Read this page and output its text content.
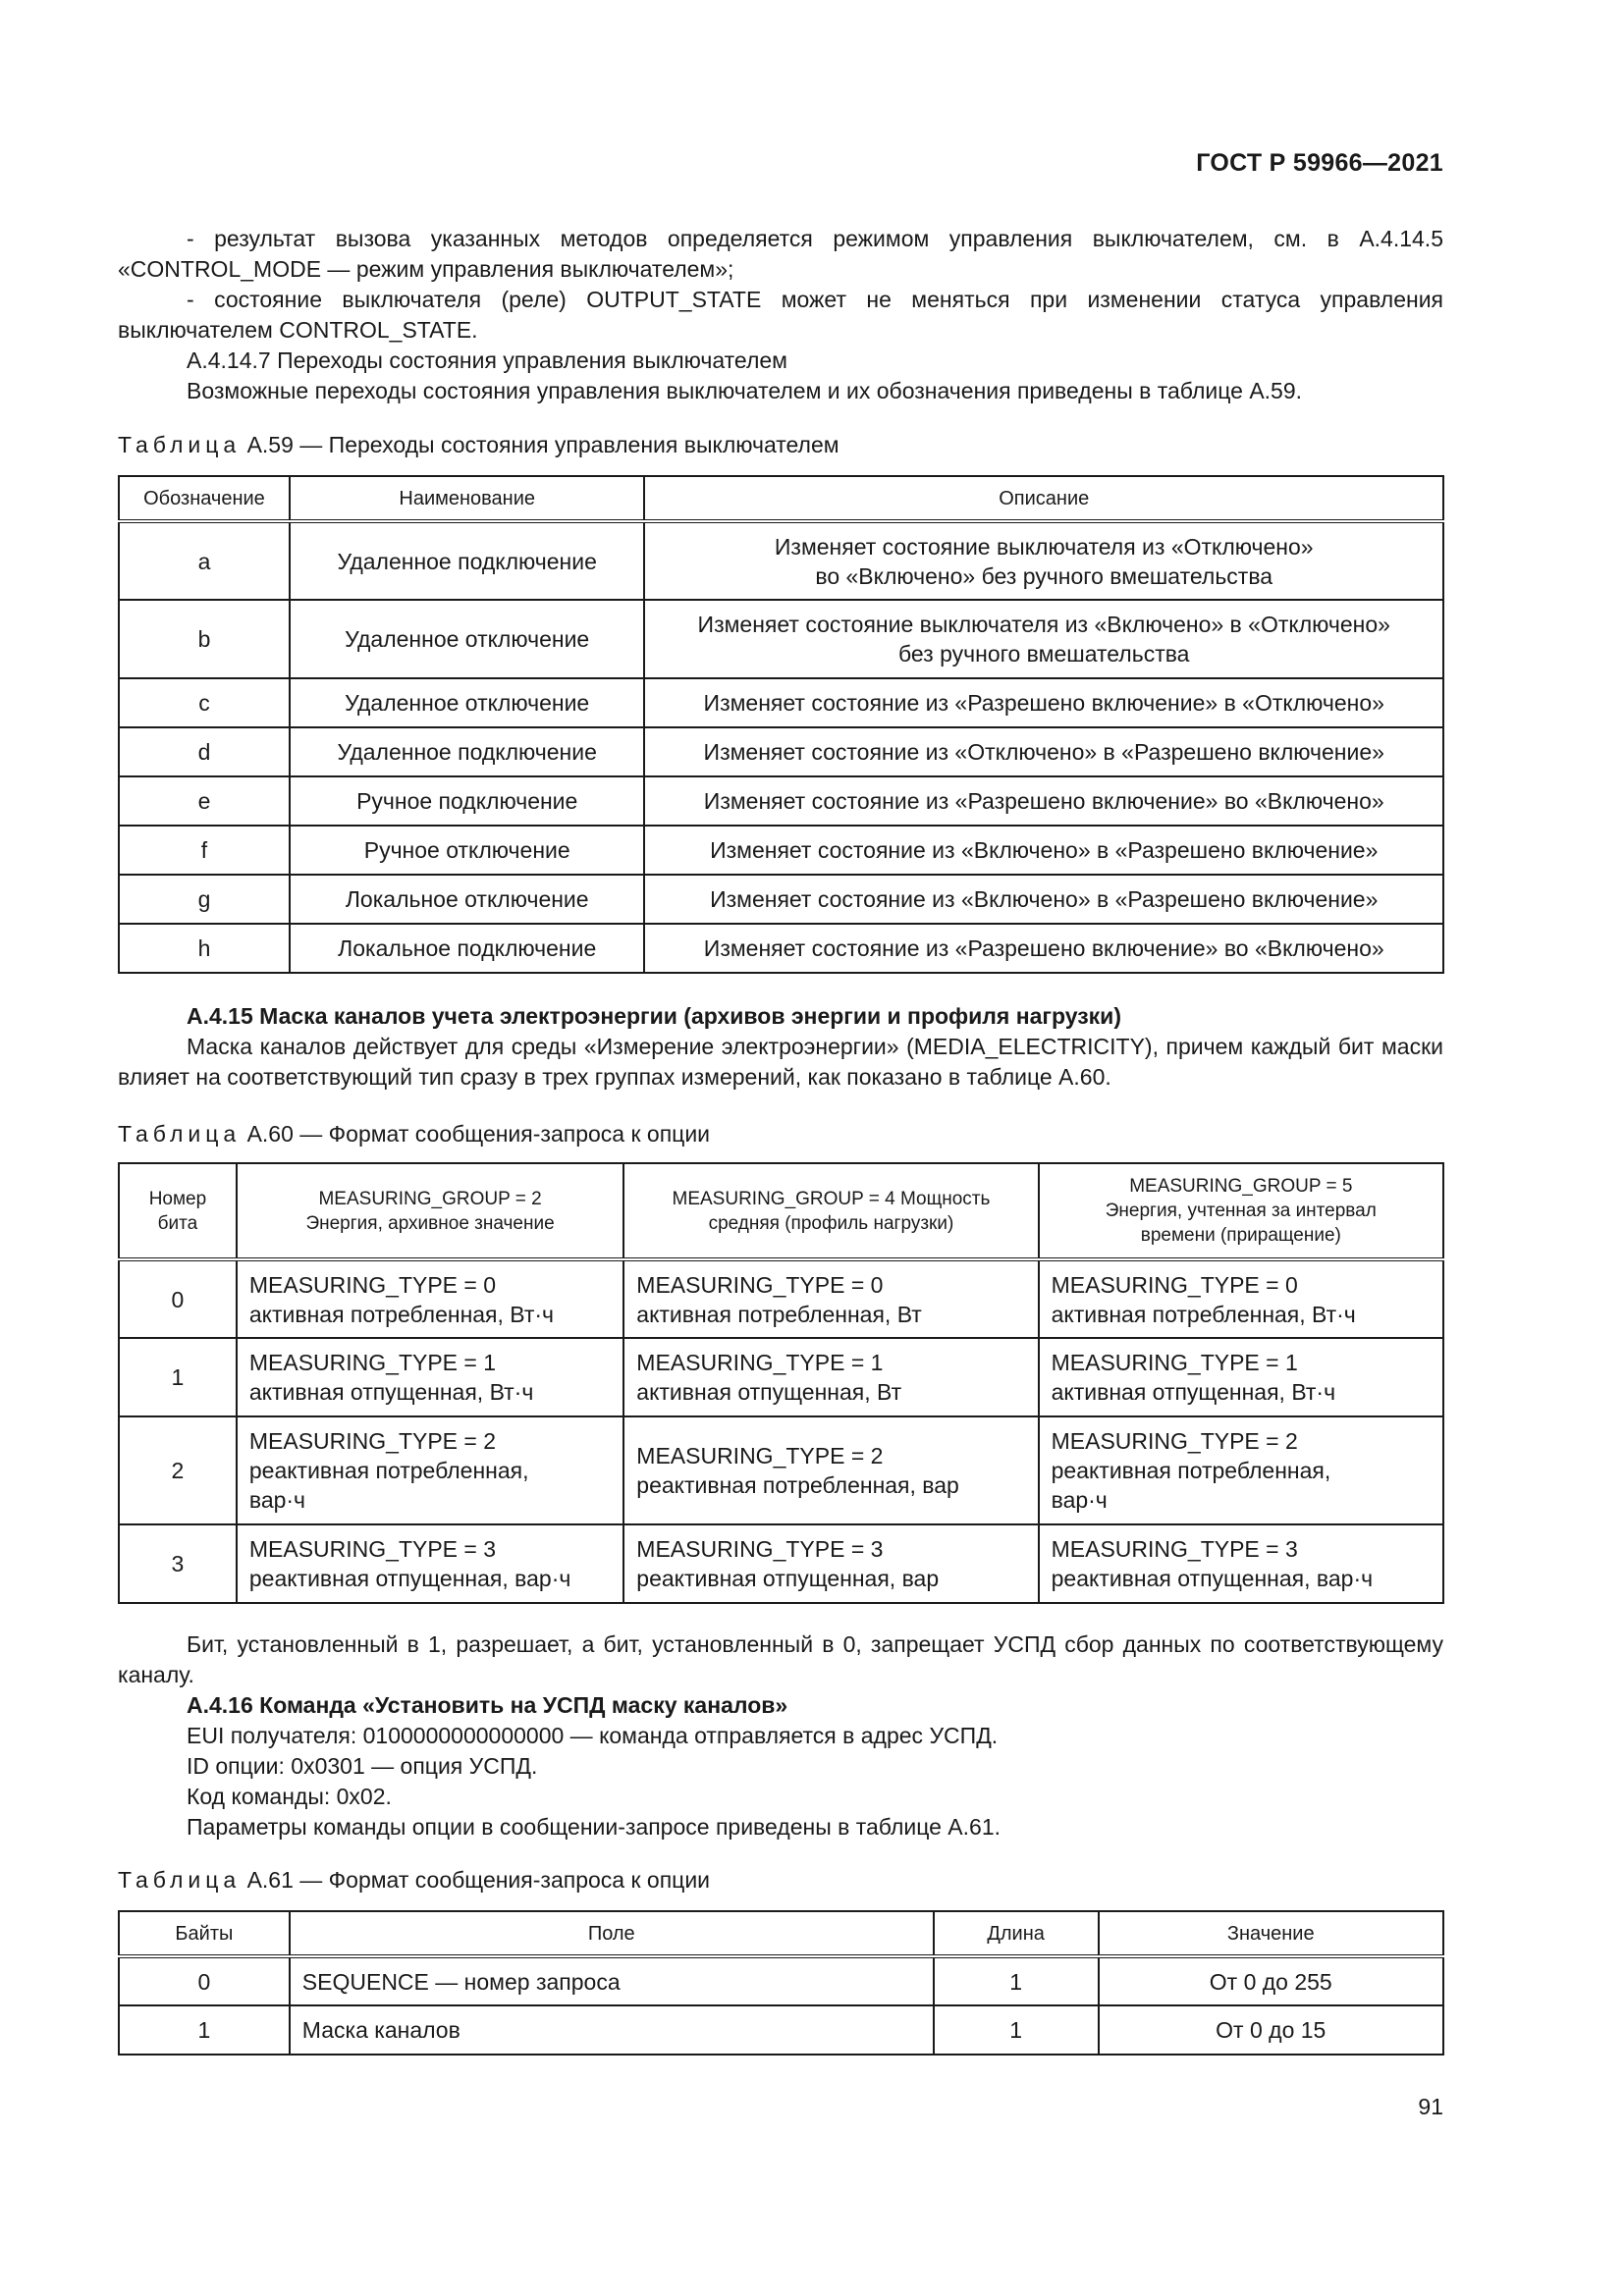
ГОСТ Р 59966—2021

- результат вызова указанных методов определяется режимом управления выключателем, см. в А.4.14.5 «CONTROL_MODE — режим управления выключателем»;

- состояние выключателя (реле) OUTPUT_STATE может не меняться при изменении статуса управления выключателем CONTROL_STATE.

А.4.14.7 Переходы состояния управления выключателем

Возможные переходы состояния управления выключателем и их обозначения приведены в таблице А.59.

Таблица А.59 — Переходы состояния управления выключателем
Обозначение	Наименование	Описание
a	Удаленное подключение	Изменяет состояние выключателя из «Отключено»
во «Включено» без ручного вмешательства

b	Удаленное отключение	Изменяет состояние выключателя из «Включено» в «Отключено»
без ручного вмешательства

c	Удаленное отключение	Изменяет состояние из «Разрешено включение» в «Отключено»
d	Удаленное подключение	Изменяет состояние из «Отключено» в «Разрешено включение»
e	Ручное подключение	Изменяет состояние из «Разрешено включение» во «Включено»
f	Ручное отключение	Изменяет состояние из «Включено» в «Разрешено включение»
g	Локальное отключение	Изменяет состояние из «Включено» в «Разрешено включение»
h	Локальное подключение	Изменяет состояние из «Разрешено включение» во «Включено»

А.4.15 Маска каналов учета электроэнергии (архивов энергии и профиля нагрузки)

Маска каналов действует для среды «Измерение электроэнергии» (MEDIA_ELECTRICITY), причем каждый бит маски влияет на соответствующий тип сразу в трех группах измерений, как показано в таблице А.60.

Таблица А.60 — Формат сообщения-запроса к опции
Номер
бита	MEASURING_GROUP = 2
Энергия, архивное значение	MEASURING_GROUP = 4 Мощность
средняя (профиль нагрузки)	MEASURING_GROUP = 5
Энергия, учтенная за интервал
времени (приращение)

0	MEASURING_TYPE = 0
активная потребленная, Вт·ч	MEASURING_TYPE = 0
активная потребленная, Вт	MEASURING_TYPE = 0
активная потребленная, Вт·ч

1	MEASURING_TYPE = 1
активная отпущенная, Вт·ч	MEASURING_TYPE = 1
активная отпущенная, Вт	MEASURING_TYPE = 1
активная отпущенная, Вт·ч

2	MEASURING_TYPE = 2
реактивная потребленная,
вар·ч	MEASURING_TYPE = 2
реактивная потребленная, вар	MEASURING_TYPE = 2
реактивная потребленная,
вар·ч

3	MEASURING_TYPE = 3
реактивная отпущенная, вар·ч	MEASURING_TYPE = 3
реактивная отпущенная, вар	MEASURING_TYPE = 3
реактивная отпущенная, вар·ч

Бит, установленный в 1, разрешает, а бит, установленный в 0, запрещает УСПД сбор данных по соответствующему каналу.

А.4.16 Команда «Установить на УСПД маску каналов»

EUI получателя: 0100000000000000 — команда отправляется в адрес УСПД.

ID опции: 0x0301 — опция УСПД.

Код команды: 0x02.

Параметры команды опции в сообщении-запросе приведены в таблице А.61.

Таблица А.61 — Формат сообщения-запроса к опции
Байты	Поле	Длина	Значение
0	SEQUENCE — номер запроса	1	От 0 до 255
1	Маска каналов	1	От 0 до 15
91
